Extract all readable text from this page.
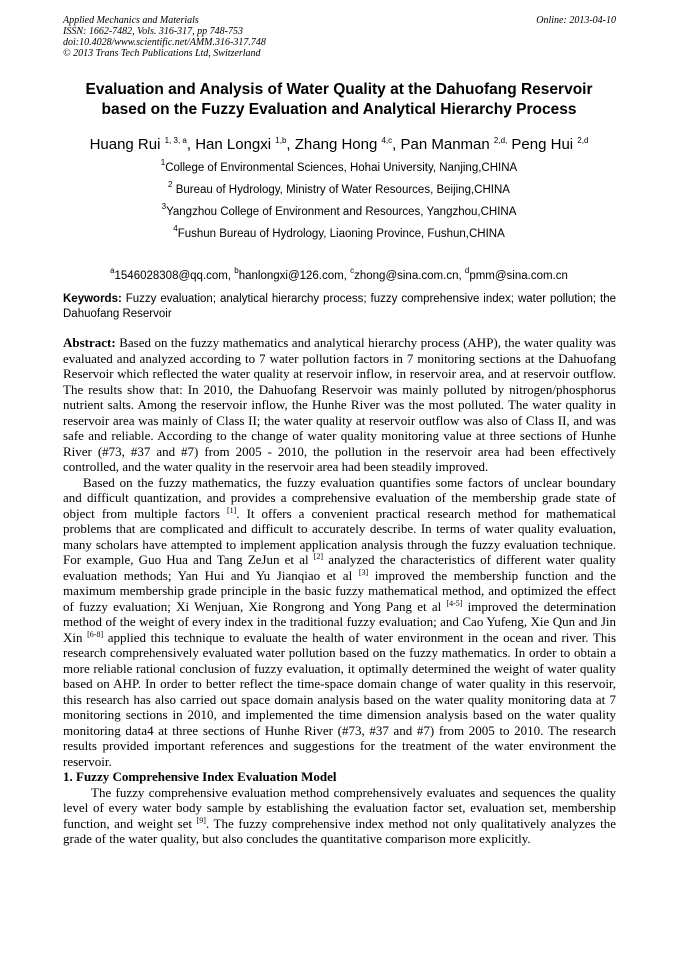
Applied Mechanics and Materials
ISSN: 1662-7482, Vols. 316-317, pp 748-753
doi:10.4028/www.scientific.net/AMM.316-317.748
© 2013 Trans Tech Publications Ltd, Switzerland
Online: 2013-04-10
Evaluation and Analysis of Water Quality at the Dahuofang Reservoir
based on the Fuzzy Evaluation and Analytical Hierarchy Process
Huang Rui $^{1, 3, a}$, Han Longxi $^{1,b}$, Zhang Hong $^{4,c}$, Pan Manman $^{2,d,}$ Peng Hui $^{2,d}$
$^1$College of Environmental Sciences, Hohai University, Nanjing,CHINA
$^2$ Bureau of Hydrology, Ministry of Water Resources, Beijing,CHINA
$^3$Yangzhou College of Environment and Resources, Yangzhou,CHINA
$^4$Fushun Bureau of Hydrology, Liaoning Province, Fushun,CHINA
$^a$1546028308@qq.com, $^b$hanlongxi@126.com, $^c$zhong@sina.com.cn, $^d$pmm@sina.com.cn
Keywords: Fuzzy evaluation; analytical hierarchy process; fuzzy comprehensive index; water pollution; the Dahuofang Reservoir

Abstract: Based on the fuzzy mathematics and analytical hierarchy process (AHP), the water quality was evaluated and analyzed according to 7 water pollution factors in 7 monitoring sections at the Dahuofang Reservoir which reflected the water quality at reservoir inflow, in reservoir area, and at reservoir outflow. The results show that: In 2010, the Dahuofang Reservoir was mainly polluted by nitrogen/phosphorus nutrient salts. Among the reservoir inflow, the Hunhe River was the most polluted. The water quality in reservoir area was mainly of Class II; the water quality at reservoir outflow was also of Class II, and was safe and reliable. According to the change of water quality monitoring value at three sections of Hunhe River (#73, #37 and #7) from 2005 - 2010, the pollution in the reservoir area had been effectively controlled, and the water quality in the reservoir area had been steadily improved.

Based on the fuzzy mathematics, the fuzzy evaluation quantifies some factors of unclear boundary and difficult quantization, and provides a comprehensive evaluation of the membership grade state of object from multiple factors [1]. It offers a convenient practical research method for mathematical problems that are complicated and difficult to accurately describe. In terms of water quality evaluation, many scholars have attempted to implement application analysis through the fuzzy evaluation technique. For example, Guo Hua and Tang ZeJun et al [2] analyzed the characteristics of different water quality evaluation methods; Yan Hui and Yu Jianqiao et al [3] improved the membership function and the maximum membership grade principle in the basic fuzzy mathematical method, and optimized the effect of fuzzy evaluation; Xi Wenjuan, Xie Rongrong and Yong Pang et al [4-5] improved the determination method of the weight of every index in the traditional fuzzy evaluation; and Cao Yufeng, Xie Qun and Jin Xin [6-8] applied this technique to evaluate the health of water environment in the ocean and river. This research comprehensively evaluated water pollution based on the fuzzy mathematics. In order to obtain a more reliable rational conclusion of fuzzy evaluation, it optimally determined the weight of water quality based on AHP. In order to better reflect the time-space domain change of water quality in this reservoir, this research has also carried out space domain analysis based on the water quality monitoring data at 7 monitoring sections in 2010, and implemented the time dimension analysis based on the water quality monitoring data4 at three sections of Hunhe River (#73, #37 and #7) from 2005 to 2010. The research results provided important references and suggestions for the treatment of the water environment the reservoir.

1. Fuzzy Comprehensive Index Evaluation Model

The fuzzy comprehensive evaluation method comprehensively evaluates and sequences the quality level of every water body sample by establishing the evaluation factor set, evaluation set, membership function, and weight set [9]. The fuzzy comprehensive index method not only qualitatively analyzes the grade of the water quality, but also concludes the quantitative comparison more explicitly.
